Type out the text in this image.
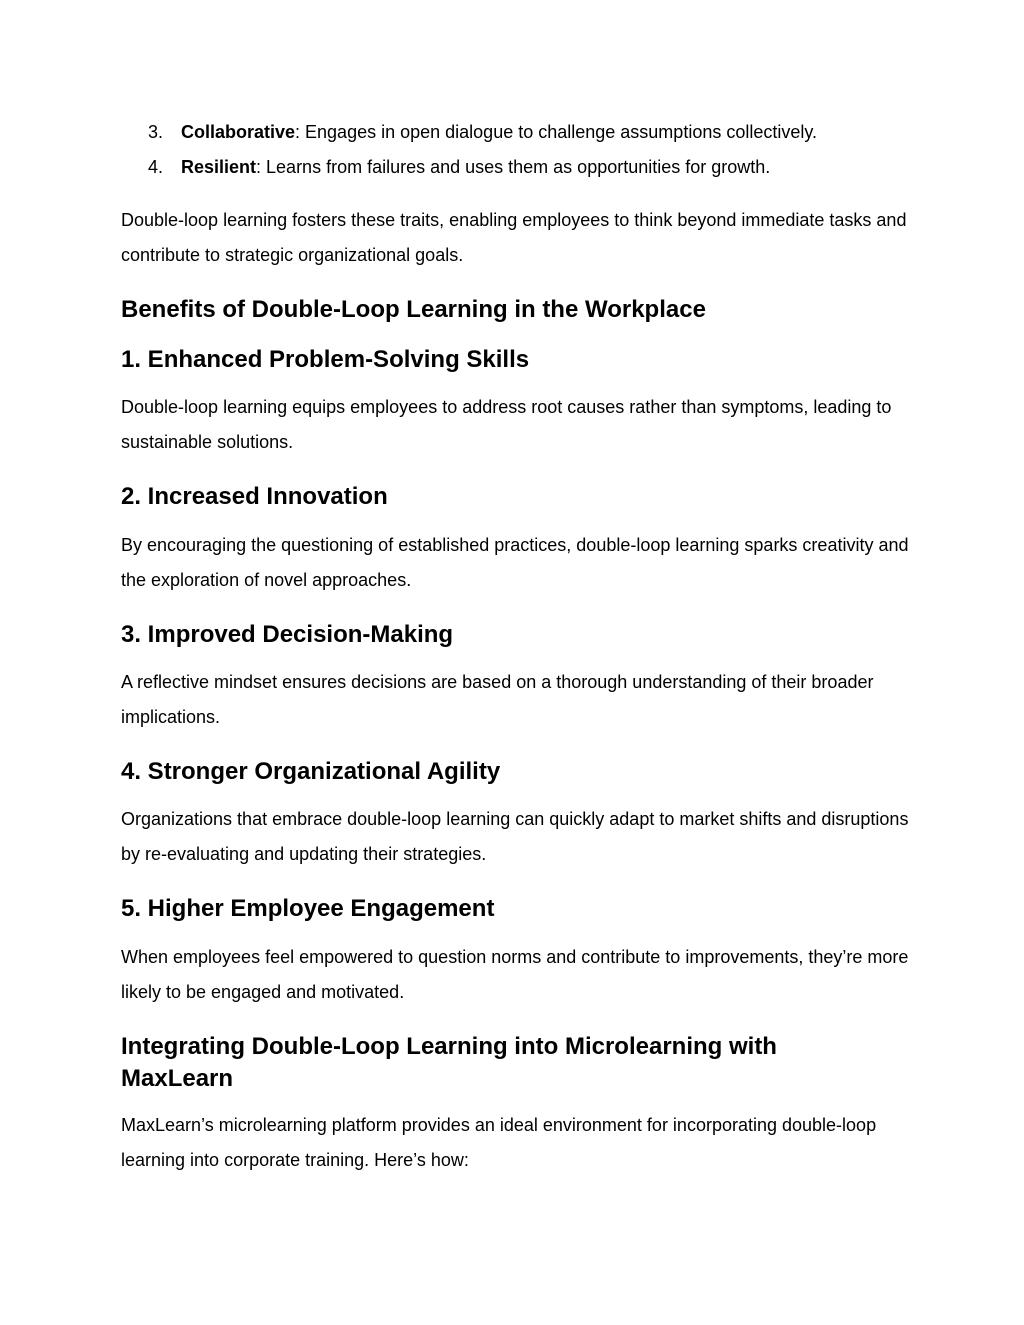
3. Collaborative: Engages in open dialogue to challenge assumptions collectively.
4. Resilient: Learns from failures and uses them as opportunities for growth.

Double-loop learning fosters these traits, enabling employees to think beyond immediate tasks and contribute to strategic organizational goals.

Benefits of Double-Loop Learning in the Workplace
1. Enhanced Problem-Solving Skills

Double-loop learning equips employees to address root causes rather than symptoms, leading to sustainable solutions.

2. Increased Innovation

By encouraging the questioning of established practices, double-loop learning sparks creativity and the exploration of novel approaches.

3. Improved Decision-Making

A reflective mindset ensures decisions are based on a thorough understanding of their broader implications.

4. Stronger Organizational Agility

Organizations that embrace double-loop learning can quickly adapt to market shifts and disruptions by re-evaluating and updating their strategies.

5. Higher Employee Engagement

When employees feel empowered to question norms and contribute to improvements, they’re more likely to be engaged and motivated.

Integrating Double-Loop Learning into Microlearning with MaxLearn

MaxLearn’s microlearning platform provides an ideal environment for incorporating double-loop learning into corporate training. Here’s how:
